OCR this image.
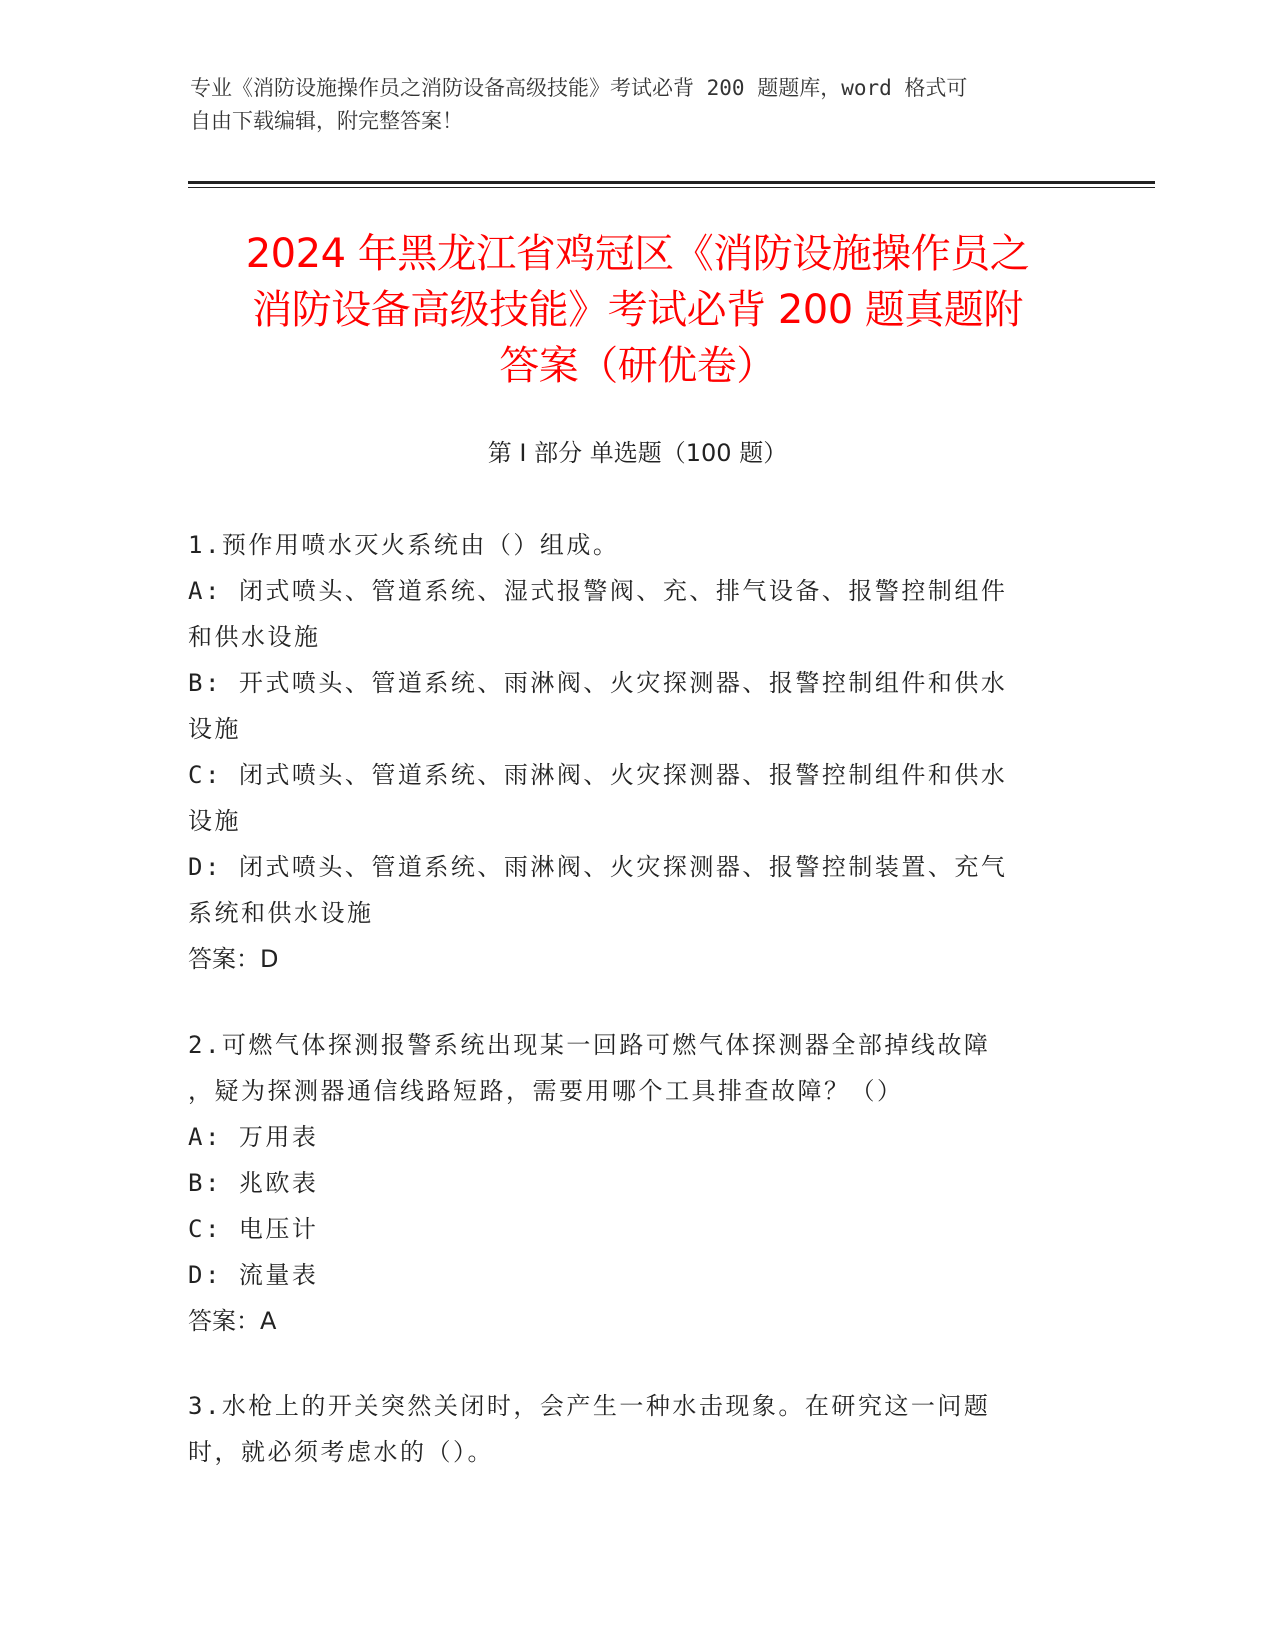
专业《消防设施操作员之消防设备高级技能》考试必背 200 题题库，word 格式可
自由下载编辑，附完整答案！
2024 年黑龙江省鸡冠区《消防设施操作员之
消防设备高级技能》考试必背 200 题真题附
答案（研优卷）
第 I 部分 单选题（100 题）
1.预作用喷水灭火系统由（）组成。
A: 闭式喷头、管道系统、湿式报警阀、充、排气设备、报警控制组件
和供水设施
B: 开式喷头、管道系统、雨淋阀、火灾探测器、报警控制组件和供水
设施
C: 闭式喷头、管道系统、雨淋阀、火灾探测器、报警控制组件和供水
设施
D: 闭式喷头、管道系统、雨淋阀、火灾探测器、报警控制装置、充气
系统和供水设施
答案：D
2.可燃气体探测报警系统出现某一回路可燃气体探测器全部掉线故障
，疑为探测器通信线路短路，需要用哪个工具排查故障？（）
A: 万用表
B: 兆欧表
C: 电压计
D: 流量表
答案：A
3.水枪上的开关突然关闭时，会产生一种水击现象。在研究这一问题
时，就必须考虑水的（）。
